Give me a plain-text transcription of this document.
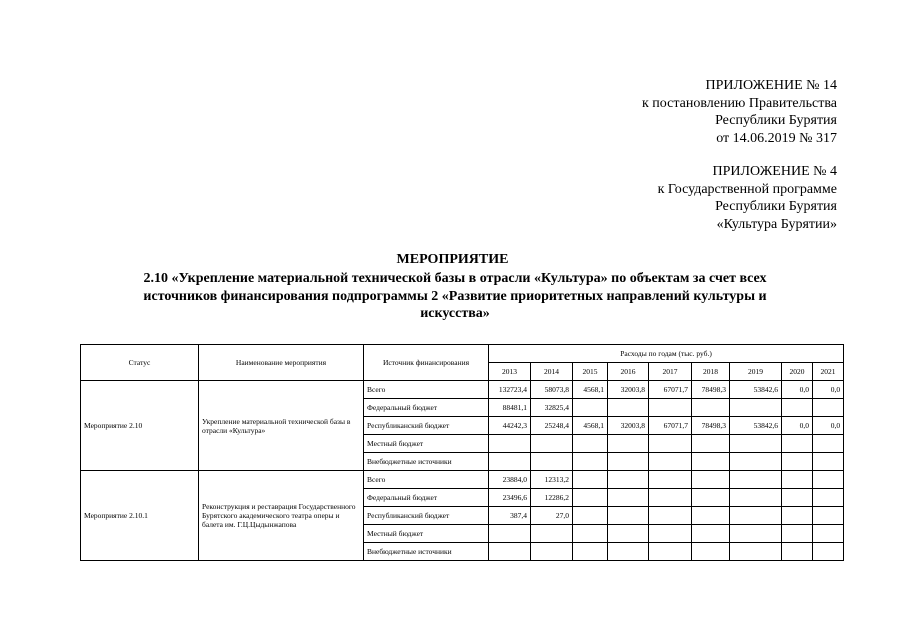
ПРИЛОЖЕНИЕ № 14
к постановлению Правительства
Республики Бурятия
от 14.06.2019 № 317
ПРИЛОЖЕНИЕ № 4
к Государственной программе
Республики Бурятия
«Культура Бурятии»
МЕРОПРИЯТИЕ
2.10 «Укрепление материальной технической базы в отрасли «Культура» по объектам за счет всех
источников финансирования подпрограммы 2 «Развитие приоритетных направлений культуры и
искусства»
Статус	Наименование мероприятия	Источник финансирования	Расходы по годам (тыс. руб.)								
			2013	2014	2015	2016	2017	2018	2019	2020	2021
Мероприятие 2.10	Укрепление материальной технической базы в отрасли «Культура»	Всего	132723,4	58073,8	4568,1	32003,8	67071,7	78498,3	53842,6	0,0	0,0
		Федеральный бюджет	88481,1	32825,4							
		Республиканский бюджет	44242,3	25248,4	4568,1	32003,8	67071,7	78498,3	53842,6	0,0	0,0
		Местный бюджет									
		Внебюджетные источники									
Мероприятие 2.10.1	Реконструкция и реставрация Государственного Бурятского академического театра оперы и балета им. Г.Ц.Цыдынжапова	Всего	23884,0	12313,2							
		Федеральный бюджет	23496,6	12286,2							
		Республиканский бюджет	387,4	27,0							
		Местный бюджет									
		Внебюджетные источники									
